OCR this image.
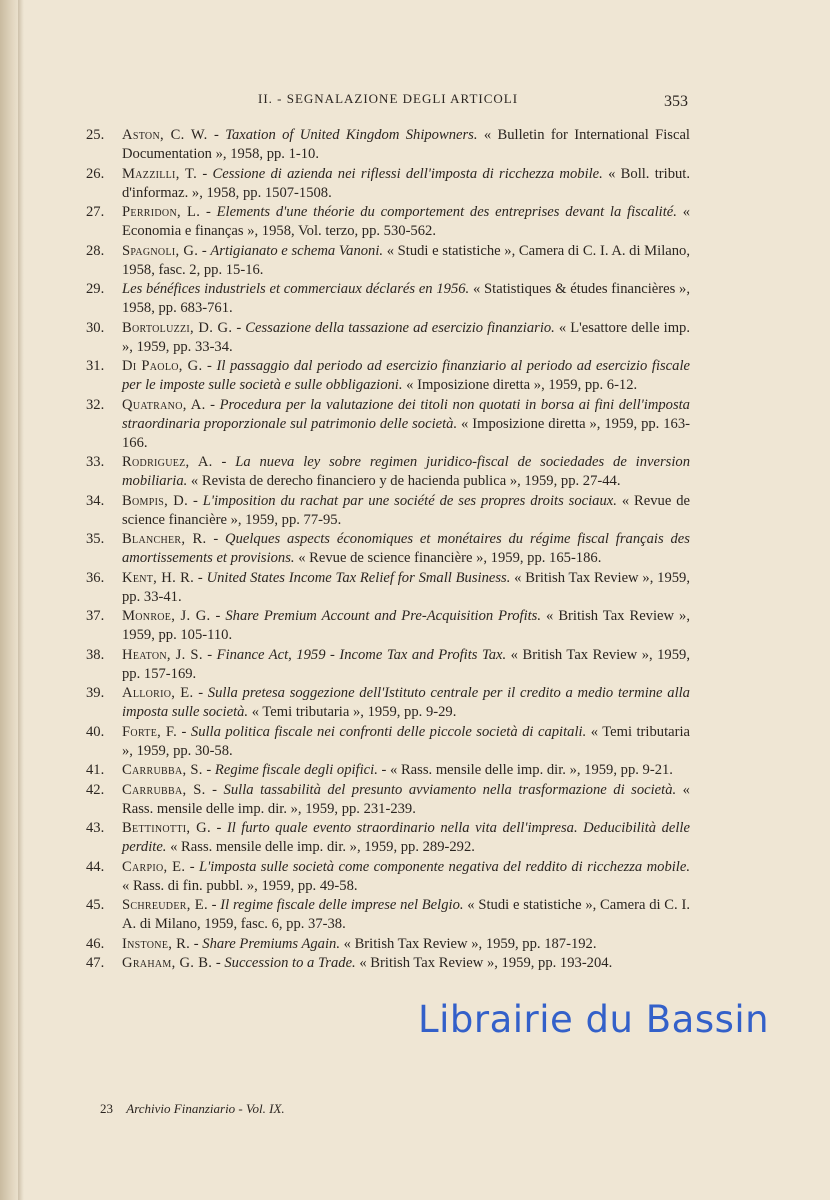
II. - SEGNALAZIONE DEGLI ARTICOLI	353
25. Aston, C. W. - Taxation of United Kingdom Shipowners. « Bulletin for International Fiscal Documentation », 1958, pp. 1-10.
26. Mazzilli, T. - Cessione di azienda nei riflessi dell'imposta di ricchezza mobile. « Boll. tribut. d'informaz. », 1958, pp. 1507-1508.
27. Perridon, L. - Elements d'une théorie du comportement des entreprises devant la fiscalité. « Economia e finanças », 1958, Vol. terzo, pp. 530-562.
28. Spagnoli, G. - Artigianato e schema Vanoni. « Studi e statistiche », Camera di C. I. A. di Milano, 1958, fasc. 2, pp. 15-16.
29. Les bénéfices industriels et commerciaux déclarés en 1956. « Statistiques & études financières », 1958, pp. 683-761.
30. Bortoluzzi, D. G. - Cessazione della tassazione ad esercizio finanziario. « L'esattore delle imp. », 1959, pp. 33-34.
31. Di Paolo, G. - Il passaggio dal periodo ad esercizio finanziario al periodo ad esercizio fiscale per le imposte sulle società e sulle obbligazioni. « Imposizione diretta », 1959, pp. 6-12.
32. Quatrano, A. - Procedura per la valutazione dei titoli non quotati in borsa ai fini dell'imposta straordinaria proporzionale sul patrimonio delle società. « Imposizione diretta », 1959, pp. 163-166.
33. Rodriguez, A. - La nueva ley sobre regimen juridico-fiscal de sociedades de inversion mobiliaria. « Revista de derecho financiero y de hacienda publica », 1959, pp. 27-44.
34. Bompis, D. - L'imposition du rachat par une société de ses propres droits sociaux. « Revue de science financière », 1959, pp. 77-95.
35. Blancher, R. - Quelques aspects économiques et monétaires du régime fiscal français des amortissements et provisions. « Revue de science financière », 1959, pp. 165-186.
36. Kent, H. R. - United States Income Tax Relief for Small Business. « British Tax Review », 1959, pp. 33-41.
37. Monroe, J. G. - Share Premium Account and Pre-Acquisition Profits. « British Tax Review », 1959, pp. 105-110.
38. Heaton, J. S. - Finance Act, 1959 - Income Tax and Profits Tax. « British Tax Review », 1959, pp. 157-169.
39. Allorio, E. - Sulla pretesa soggezione dell'Istituto centrale per il credito a medio termine alla imposta sulle società. « Temi tributaria », 1959, pp. 9-29.
40. Forte, F. - Sulla politica fiscale nei confronti delle piccole società di capitali. « Temi tributaria », 1959, pp. 30-58.
41. Carrubba, S. - Regime fiscale degli opifici. - « Rass. mensile delle imp. dir. », 1959, pp. 9-21.
42. Carrubba, S. - Sulla tassabilità del presunto avviamento nella trasformazione di società. « Rass. mensile delle imp. dir. », 1959, pp. 231-239.
43. Bettinotti, G. - Il furto quale evento straordinario nella vita dell'impresa. Deducibilità delle perdite. « Rass. mensile delle imp. dir. », 1959, pp. 289-292.
44. Carpio, E. - L'imposta sulle società come componente negativa del reddito di ricchezza mobile. « Rass. di fin. pubbl. », 1959, pp. 49-58.
45. Schreuder, E. - Il regime fiscale delle imprese nel Belgio. « Studi e statistiche », Camera di C. I. A. di Milano, 1959, fasc. 6, pp. 37-38.
46. Instone, R. - Share Premiums Again. « British Tax Review », 1959, pp. 187-192.
47. Graham, G. B. - Succession to a Trade. « British Tax Review », 1959, pp. 193-204.
23 Archivio Finanziario - Vol. IX.
Librairie du Bassin
